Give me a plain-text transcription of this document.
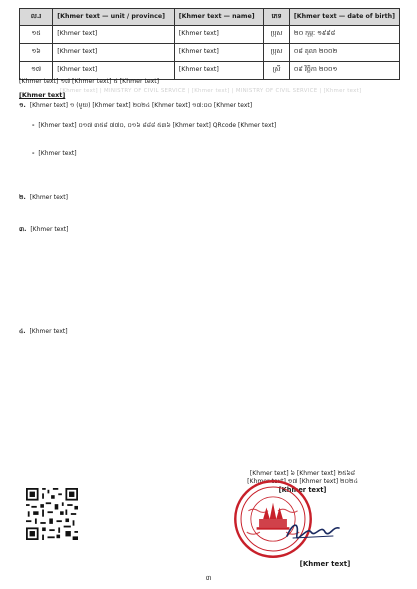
ល.រ	[Khmer text — unit / province]	[Khmer text — name]	ភេទ	[Khmer text — date of birth]
១៥	[Khmer text]	[Khmer text]	ប្រុស	២០ កុម្ភៈ ១៩៩៨
១៦	[Khmer text]	[Khmer text]	ប្រុស	០៨ តុលា ២០០២
១៧	[Khmer text]	[Khmer text]	ស្រី	០៩ វិច្ឆិកា ២០០១
[Khmer text] ១៧ [Khmer text] ៥ [Khmer text]
[Khmer text] | MINISTRY OF CIVIL SERVICE | [Khmer text] | MINISTRY OF CIVIL SERVICE | [Khmer text]
[Khmer text]
១. [Khmer text] ១ (មួយ) [Khmer text] ២០២៤ [Khmer text] ១៧:០០ [Khmer text]
- [Khmer text] ០១៧ ៣៥៨ ៧៧០, ០១៦ ៨៨៨ ៥៣៦ [Khmer text] QRcode [Khmer text]
- [Khmer text]
២. [Khmer text]
៣. [Khmer text]
៤. [Khmer text]
[Khmer text] ៦ [Khmer text] ២៥៦៨
[Khmer text] ១៧ [Khmer text] ២០២៤
[Khmer text]
[Khmer text]
៣
